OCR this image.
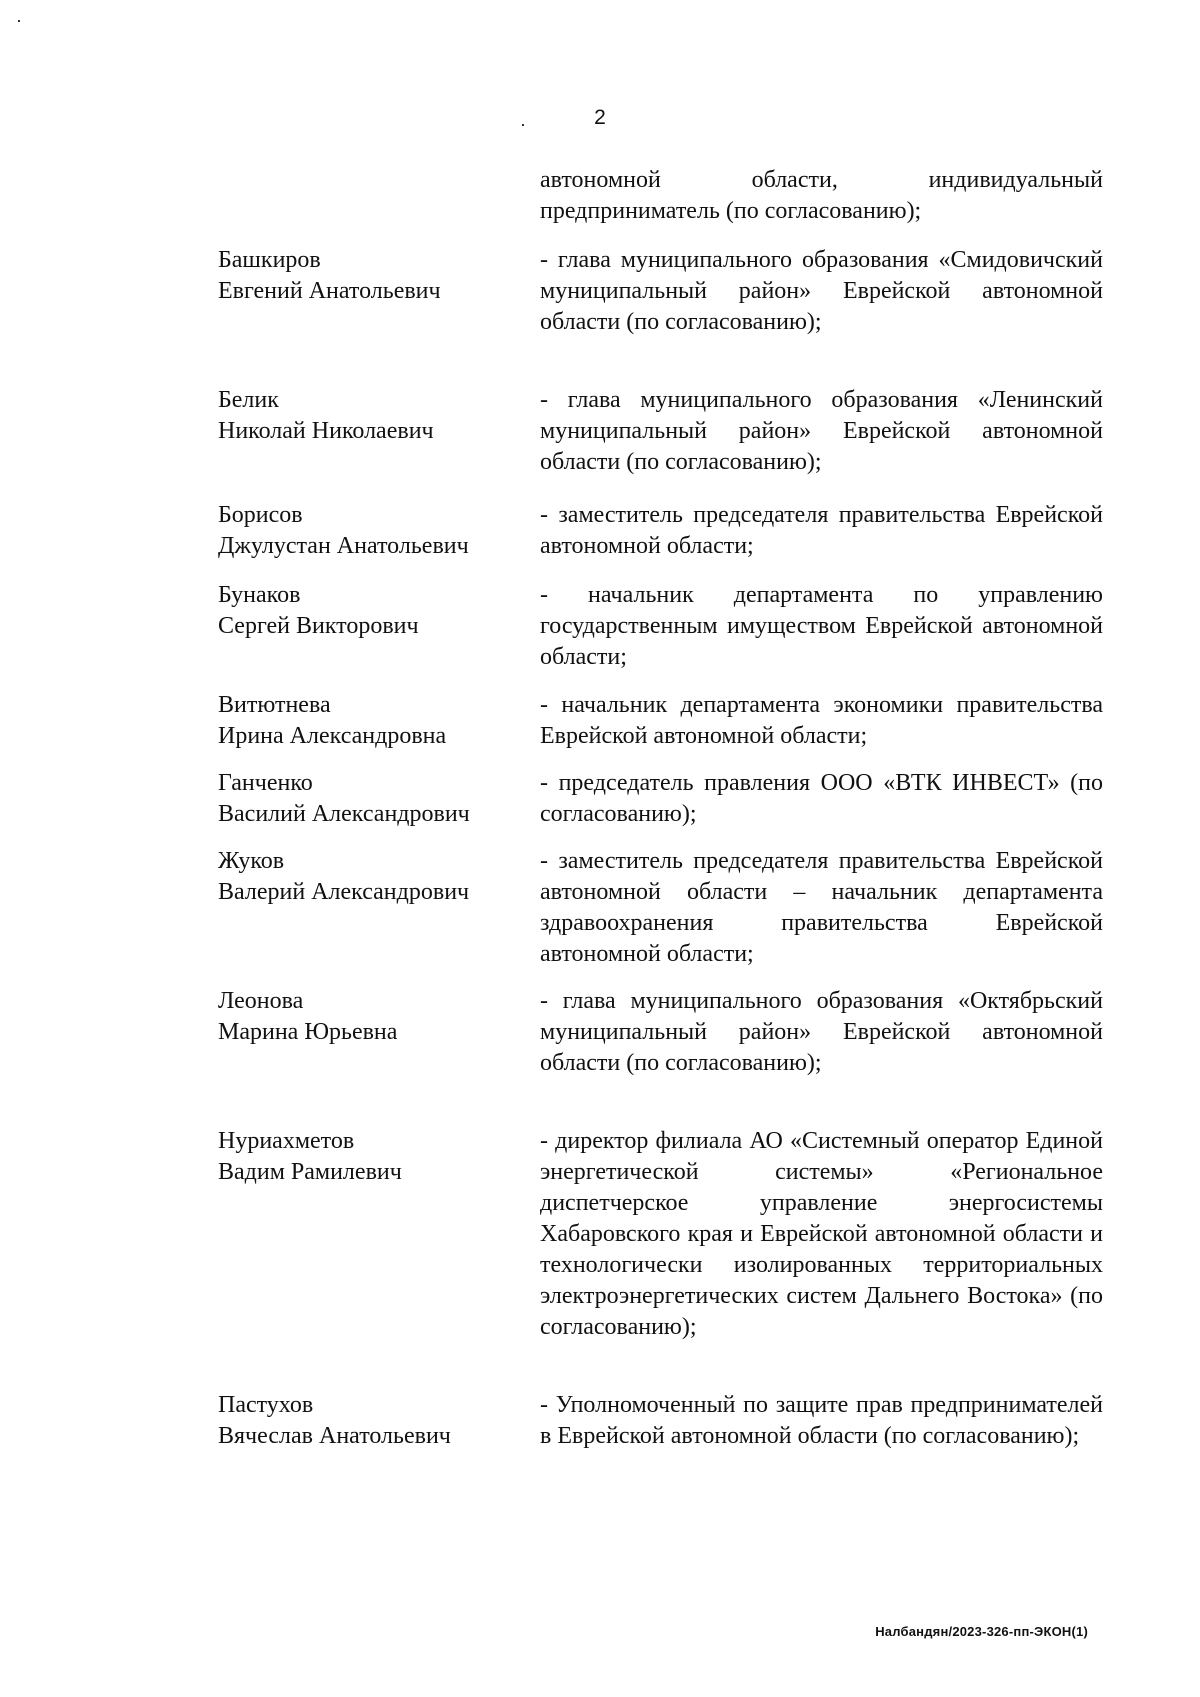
2
автономной области, индивидуальный предприниматель (по согласованию);
Башкиров
Евгений Анатольевич
- глава муниципального образования «Смидовичский муниципальный район» Еврейской автономной области (по согласованию);
Белик
Николай Николаевич
- глава муниципального образования «Ленинский муниципальный район» Еврейской автономной области (по согласованию);
Борисов
Джулустан Анатольевич
- заместитель председателя правительства Еврейской автономной области;
Бунаков
Сергей Викторович
- начальник департамента по управлению государственным имуществом Еврейской автономной области;
Витютнева
Ирина Александровна
- начальник департамента экономики правительства Еврейской автономной области;
Ганченко
Василий Александрович
- председатель правления ООО «ВТК ИНВЕСТ» (по согласованию);
Жуков
Валерий Александрович
- заместитель председателя правительства Еврейской автономной области – начальник департамента здравоохранения правительства Еврейской автономной области;
Леонова
Марина Юрьевна
- глава муниципального образования «Октябрьский муниципальный район» Еврейской автономной области (по согласованию);
Нуриахметов
Вадим Рамилевич
- директор филиала АО «Системный оператор Единой энергетической системы» «Региональное диспетчерское управление энергосистемы Хабаровского края и Еврейской автономной области и технологически изолированных территориальных электроэнергетических систем Дальнего Востока» (по согласованию);
Пастухов
Вячеслав Анатольевич
- Уполномоченный по защите прав предпринимателей в Еврейской автономной области (по согласованию);
Налбандян/2023-326-пп-ЭКОН(1)
